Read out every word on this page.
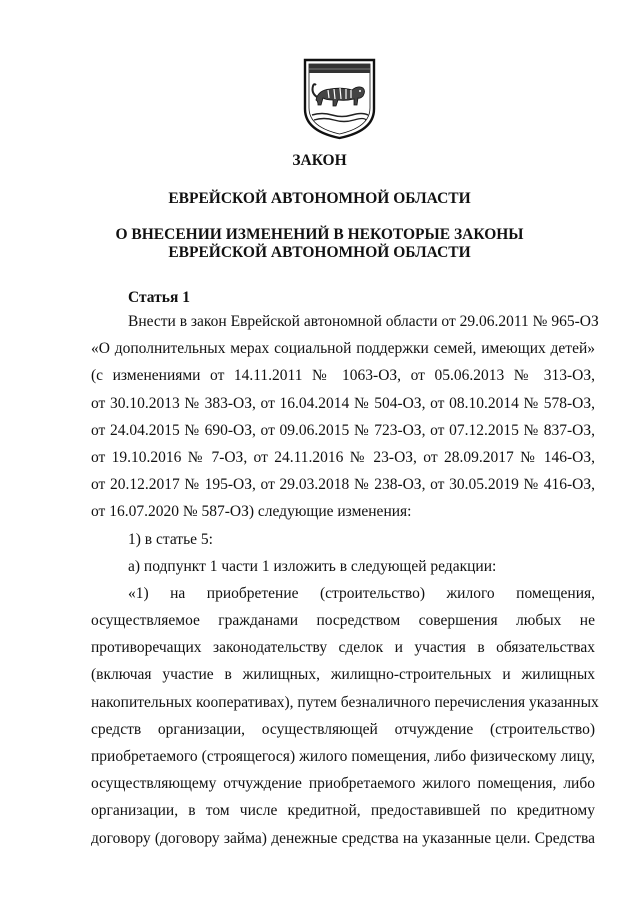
ЗАКОН
ЕВРЕЙСКОЙ АВТОНОМНОЙ ОБЛАСТИ
О ВНЕСЕНИИ ИЗМЕНЕНИЙ В НЕКОТОРЫЕ ЗАКОНЫ
ЕВРЕЙСКОЙ АВТОНОМНОЙ ОБЛАСТИ
Статья 1
Внести в закон Еврейской автономной области от 29.06.2011 № 965-ОЗ
«О дополнительных мерах социальной поддержки семей, имеющих детей»
(с изменениями от 14.11.2011 № 1063-ОЗ, от 05.06.2013 № 313-ОЗ,
от 30.10.2013 № 383-ОЗ, от 16.04.2014 № 504-ОЗ, от 08.10.2014 № 578-ОЗ,
от 24.04.2015 № 690-ОЗ, от 09.06.2015 № 723-ОЗ, от 07.12.2015 № 837-ОЗ,
от 19.10.2016 № 7-ОЗ, от 24.11.2016 № 23-ОЗ, от 28.09.2017 № 146-ОЗ,
от 20.12.2017 № 195-ОЗ, от 29.03.2018 № 238-ОЗ, от 30.05.2019 № 416-ОЗ,
от 16.07.2020 № 587-ОЗ) следующие изменения:
1) в статье 5:
а) подпункт 1 части 1 изложить в следующей редакции:
«1) на приобретение (строительство) жилого помещения,
осуществляемое гражданами посредством совершения любых не
противоречащих законодательству сделок и участия в обязательствах
(включая участие в жилищных, жилищно-строительных и жилищных
накопительных кооперативах), путем безналичного перечисления указанных
средств организации, осуществляющей отчуждение (строительство)
приобретаемого (строящегося) жилого помещения, либо физическому лицу,
осуществляющему отчуждение приобретаемого жилого помещения, либо
организации, в том числе кредитной, предоставившей по кредитному
договору (договору займа) денежные средства на указанные цели. Средства
